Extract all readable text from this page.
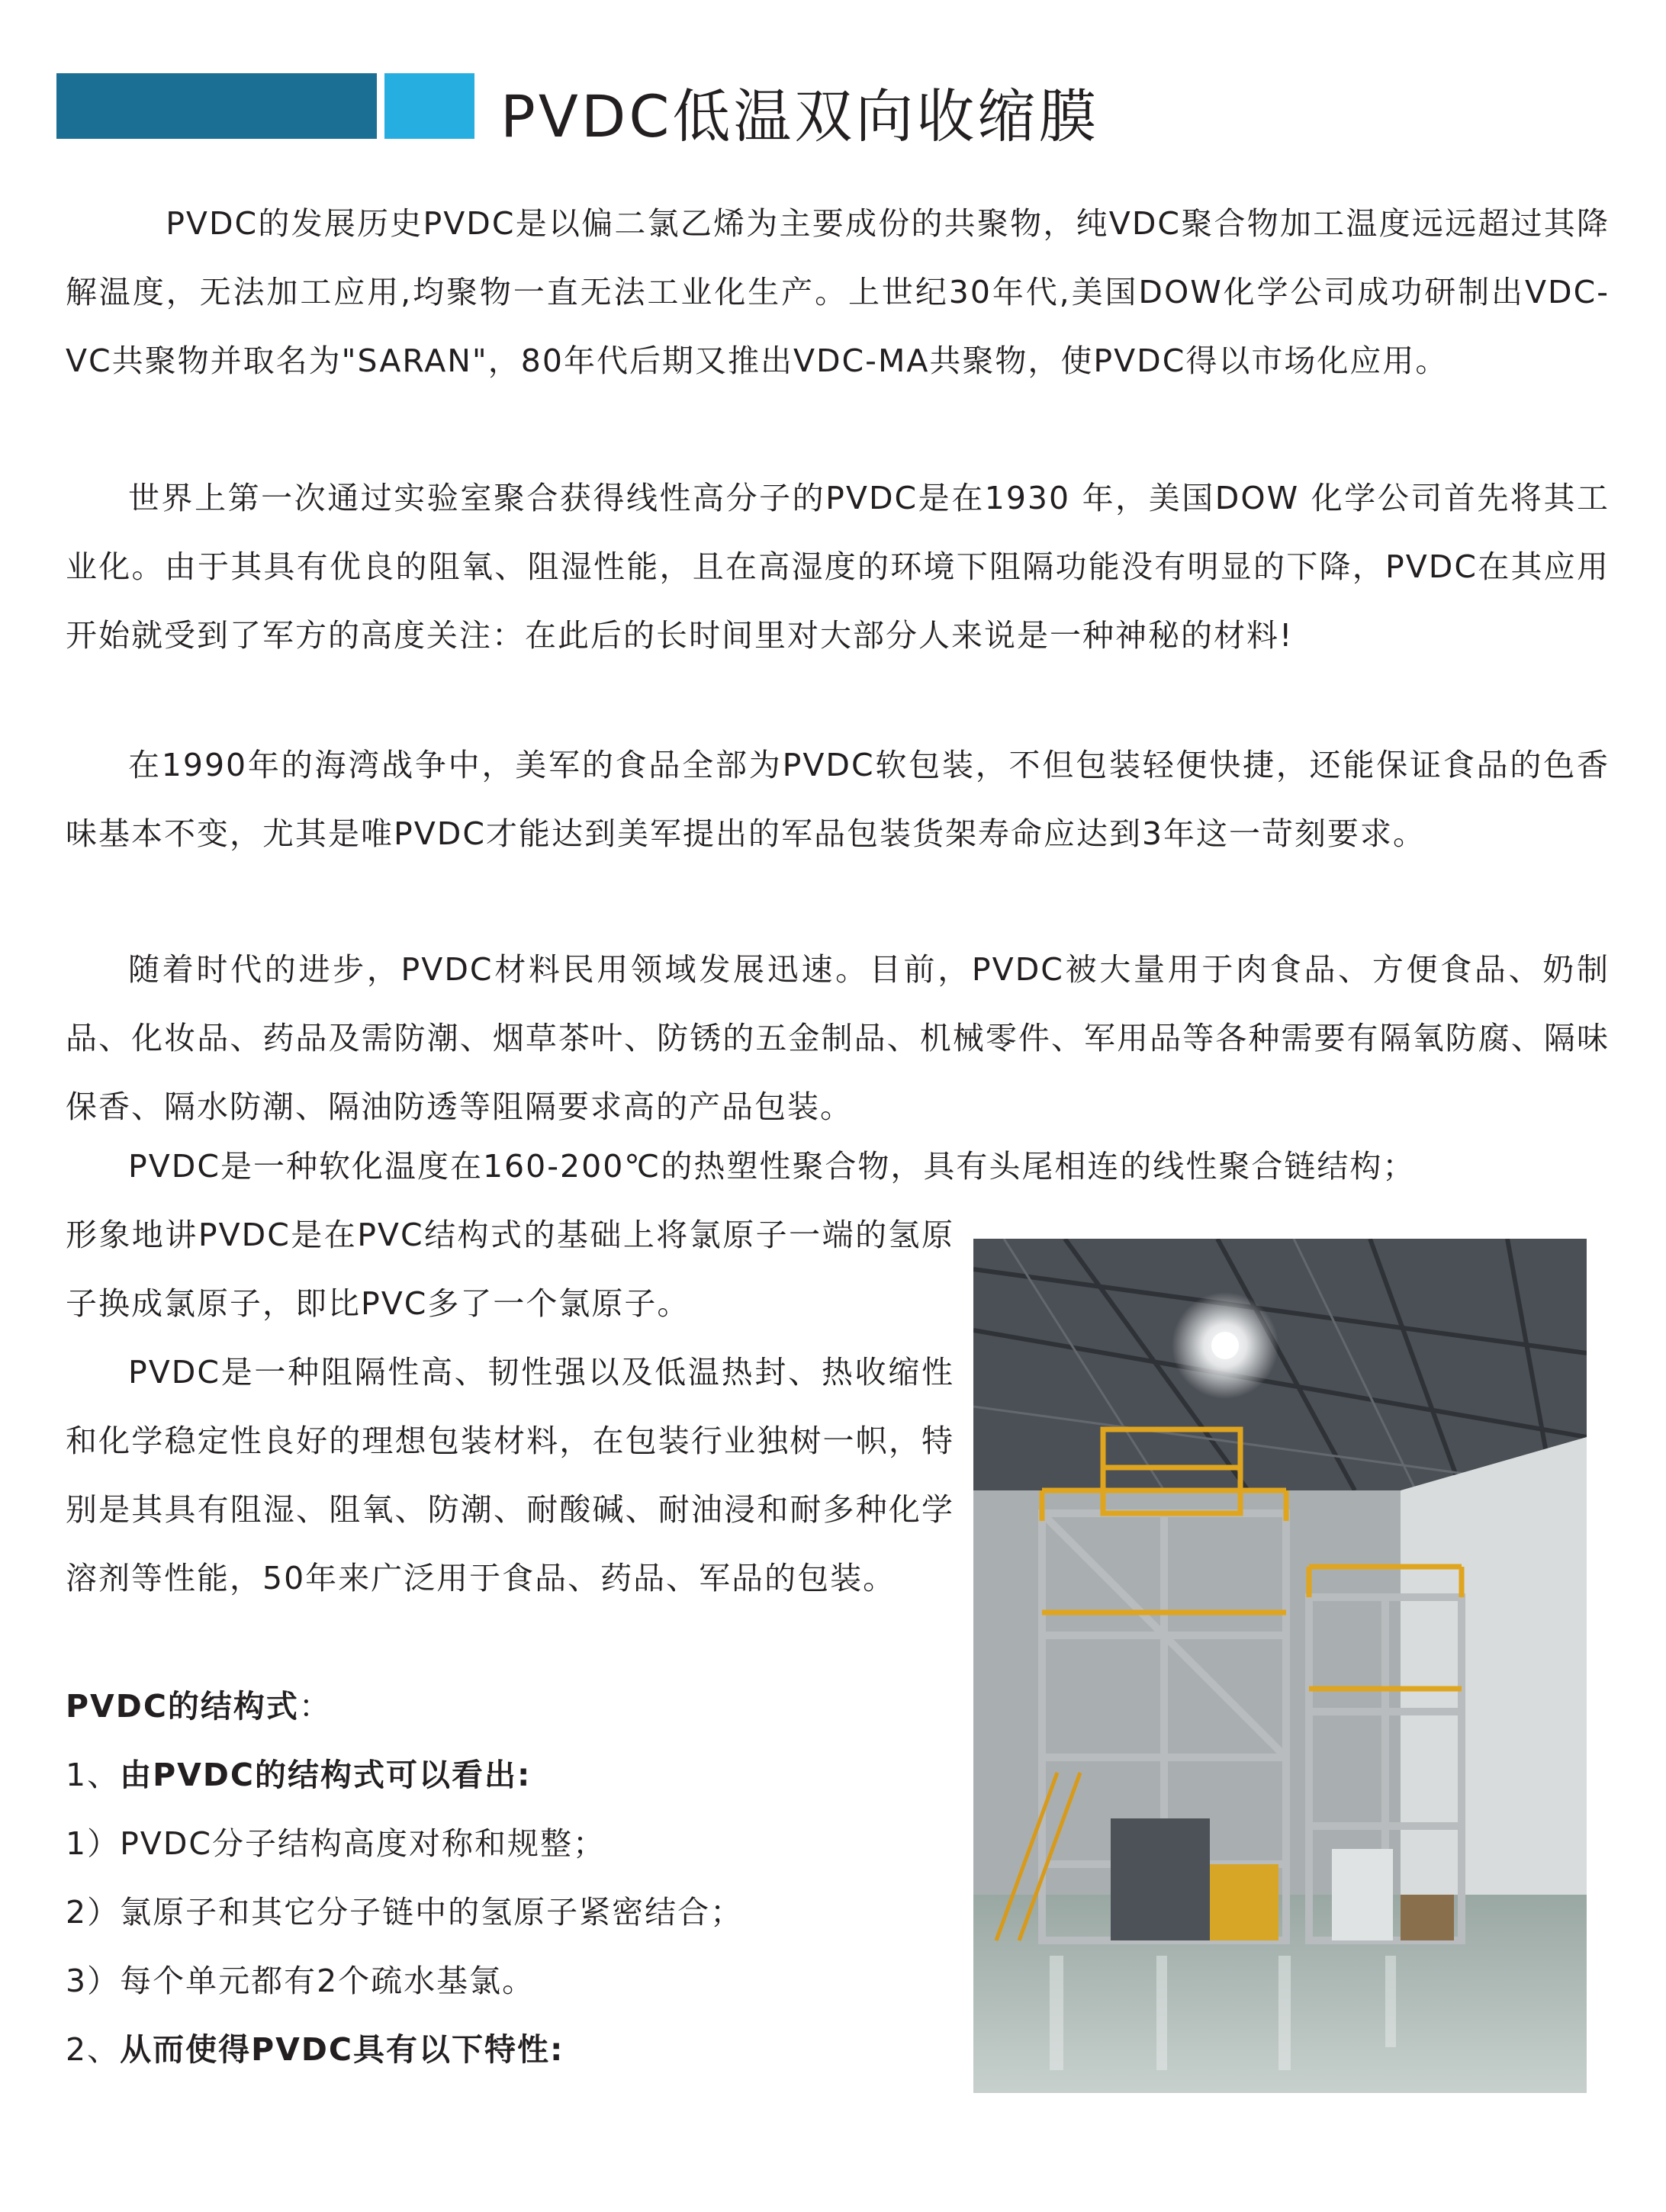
PVDC低温双向收缩膜

PVDC的发展历史PVDC是以偏二氯乙烯为主要成份的共聚物，纯VDC聚合物加工温度远远超过其降解温度，无法加工应用,均聚物一直无法工业化生产。上世纪30年代,美国DOW化学公司成功研制出VDC-VC共聚物并取名为"SARAN"，80年代后期又推出VDC-MA共聚物，使PVDC得以市场化应用。

世界上第一次通过实验室聚合获得线性高分子的PVDC是在1930 年，美国DOW 化学公司首先将其工业化。由于其具有优良的阻氧、阻湿性能，且在高湿度的环境下阻隔功能没有明显的下降，PVDC在其应用开始就受到了军方的高度关注：在此后的长时间里对大部分人来说是一种神秘的材料!

在1990年的海湾战争中，美军的食品全部为PVDC软包装，不但包装轻便快捷，还能保证食品的色香味基本不变，尤其是唯PVDC才能达到美军提出的军品包装货架寿命应达到3年这一苛刻要求。

随着时代的进步，PVDC材料民用领域发展迅速。目前，PVDC被大量用于肉食品、方便食品、奶制品、化妆品、药品及需防潮、烟草茶叶、防锈的五金制品、机械零件、军用品等各种需要有隔氧防腐、隔味保香、隔水防潮、隔油防透等阻隔要求高的产品包装。

PVDC是一种软化温度在160-200℃的热塑性聚合物，具有头尾相连的线性聚合链结构；

形象地讲PVDC是在PVC结构式的基础上将氯原子一端的氢原子换成氯原子，即比PVC多了一个氯原子。

PVDC是一种阻隔性高、韧性强以及低温热封、热收缩性和化学稳定性良好的理想包装材料，在包装行业独树一帜，特别是其具有阻湿、阻氧、防潮、耐酸碱、耐油浸和耐多种化学溶剂等性能，50年来广泛用于食品、药品、军品的包装。

PVDC的结构式：
1、由PVDC的结构式可以看出:
1）PVDC分子结构高度对称和规整；
2）氯原子和其它分子链中的氢原子紧密结合；
3）每个单元都有2个疏水基氯。
2、从而使得PVDC具有以下特性:
